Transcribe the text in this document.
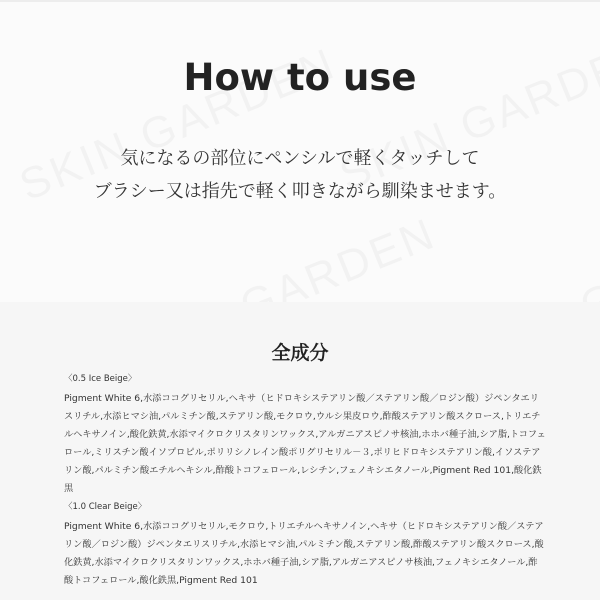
How to use
気になるの部位にペンシルで軽くタッチして
ブラシー又は指先で軽く叩きながら馴染ませます。
全成分
〈0.5 Ice Beige〉
Pigment White 6,水添ココグリセリル,ヘキサ（ヒドロキシステアリン酸／ステアリン酸／ロジン酸）ジペンタエリスリチル,水添ヒマシ油,パルミチン酸,ステアリン酸,モクロウ,ウルシ果皮ロウ,酢酸ステアリン酸スクロース,トリエチルヘキサノイン,酸化鉄黄,水添マイクロクリスタリンワックス,アルガニアスピノサ核油,ホホバ種子油,シア脂,トコフェロール,ミリスチン酸イソプロピル,ポリリシノレイン酸ポリグリセリル－３,ポリヒドロキシステアリン酸,イソステアリン酸,パルミチン酸エチルヘキシル,酢酸トコフェロール,レシチン,フェノキシエタノール,Pigment Red 101,酸化鉄黒
〈1.0 Clear Beige〉
Pigment White 6,水添ココグリセリル,モクロウ,トリエチルヘキサノイン,ヘキサ（ヒドロキシステアリン酸／ステアリン酸／ロジン酸）ジペンタエリスリチル,水添ヒマシ油,パルミチン酸,ステアリン酸,酢酸ステアリン酸スクロース,酸化鉄黄,水添マイクロクリスタリンワックス,ホホバ種子油,シア脂,アルガニアスピノサ核油,フェノキシエタノール,酢酸トコフェロール,酸化鉄黒,Pigment Red 101
